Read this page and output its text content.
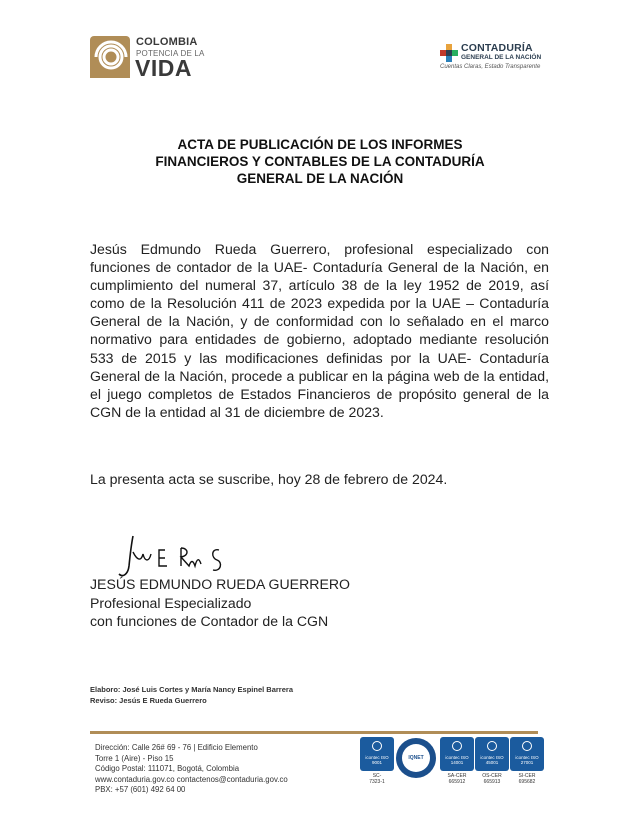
COLOMBIA
POTENCIA DE LA
VIDA
CONTADURÍA
GENERAL DE LA NACIÓN
Cuentas Claras, Estado Transparente
ACTA DE PUBLICACIÓN DE LOS INFORMES
FINANCIEROS Y CONTABLES DE LA CONTADURÍA
GENERAL DE LA NACIÓN
Jesús Edmundo Rueda Guerrero, profesional especializado con funciones de contador de la UAE- Contaduría General de la Nación, en cumplimiento del numeral 37, artículo 38 de la ley 1952 de 2019, así como de la Resolución 411 de 2023 expedida por la UAE – Contaduría General de la Nación, y de conformidad con lo señalado en el marco normativo para entidades de gobierno, adoptado mediante resolución 533 de 2015 y las modificaciones definidas por la UAE- Contaduría General de la Nación, procede a publicar en la página web de la entidad, el juego completos de Estados Financieros de propósito general de la CGN de la entidad al 31 de diciembre de 2023.
La presenta acta se suscribe, hoy 28 de febrero de 2024.
JESÚS EDMUNDO RUEDA GUERRERO
Profesional Especializado
con funciones de Contador de la CGN
Elaboro: José Luis Cortes y María Nancy Espinel Barrera
Reviso: Jesús E Rueda Guerrero
Dirección: Calle 26# 69 - 76 | Edificio Elemento
Torre 1 (Aire) - Piso 15
Código Postal: 111071, Bogotá, Colombia
www.contaduria.gov.co contactenos@contaduria.gov.co
PBX: +57 (601) 492 64 00
icontec ISO 9001
SC-
7323-1
IQNET	icontec ISO 14001
SA-CER
665912
icontec ISO 45001
OS-CER
665913
icontec ISO 27001
SI-CER
695682
